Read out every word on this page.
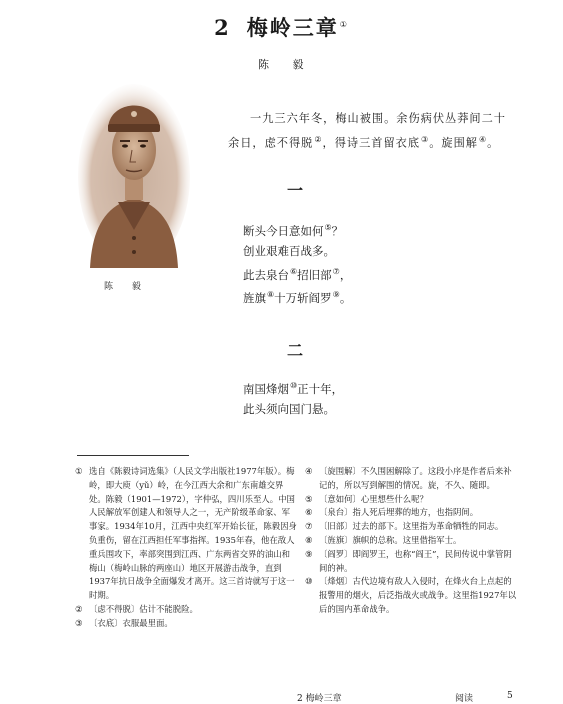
2 梅岭三章①
陈 毅
陈 毅
一九三六年冬，梅山被围。余伤病伏丛莽间二十余日，虑不得脱②，得诗三首留衣底③。旋围解④。
一
断头今日意如何⑤？
创业艰难百战多。
此去泉台⑥招旧部⑦，
旌旗⑧十万斩阎罗⑨。
二
南国烽烟⑩正十年，
此头须向国门悬。
① 选自《陈毅诗词选集》（人民文学出版社1977年版）。梅岭，即大庾（yǔ）岭，在今江西大余和广东南雄交界处。陈毅（1901—1972），字仲弘，四川乐至人。中国人民解放军创建人和领导人之一，无产阶级革命家、军事家。1934年10月，江西中央红军开始长征，陈毅因身负重伤，留在江西担任军事指挥。1935年春，他在敌人重兵围攻下，率部突围到江西、广东两省交界的油山和梅山（梅岭山脉的两座山）地区开展游击战争，直到1937年抗日战争全面爆发才离开。这三首诗就写于这一时期。
② 〔虑不得脱〕估计不能脱险。
③ 〔衣底〕衣服最里面。
④ 〔旋围解〕不久围困解除了。这段小序是作者后来补记的，所以写到解围的情况。旋，不久、随即。
⑤ 〔意如何〕心里想些什么呢？
⑥ 〔泉台〕指人死后埋葬的地方，也指阴间。
⑦ 〔旧部〕过去的部下。这里指为革命牺牲的同志。
⑧ 〔旌旗〕旗帜的总称。这里借指军士。
⑨ 〔阎罗〕即阎罗王，也称“阎王”，民间传说中掌管阴间的神。
⑩ 〔烽烟〕古代边境有敌人入侵时，在烽火台上点起的报警用的烟火，后泛指战火或战争。这里指1927年以后的国内革命战争。
2 梅岭三章	阅读	5
